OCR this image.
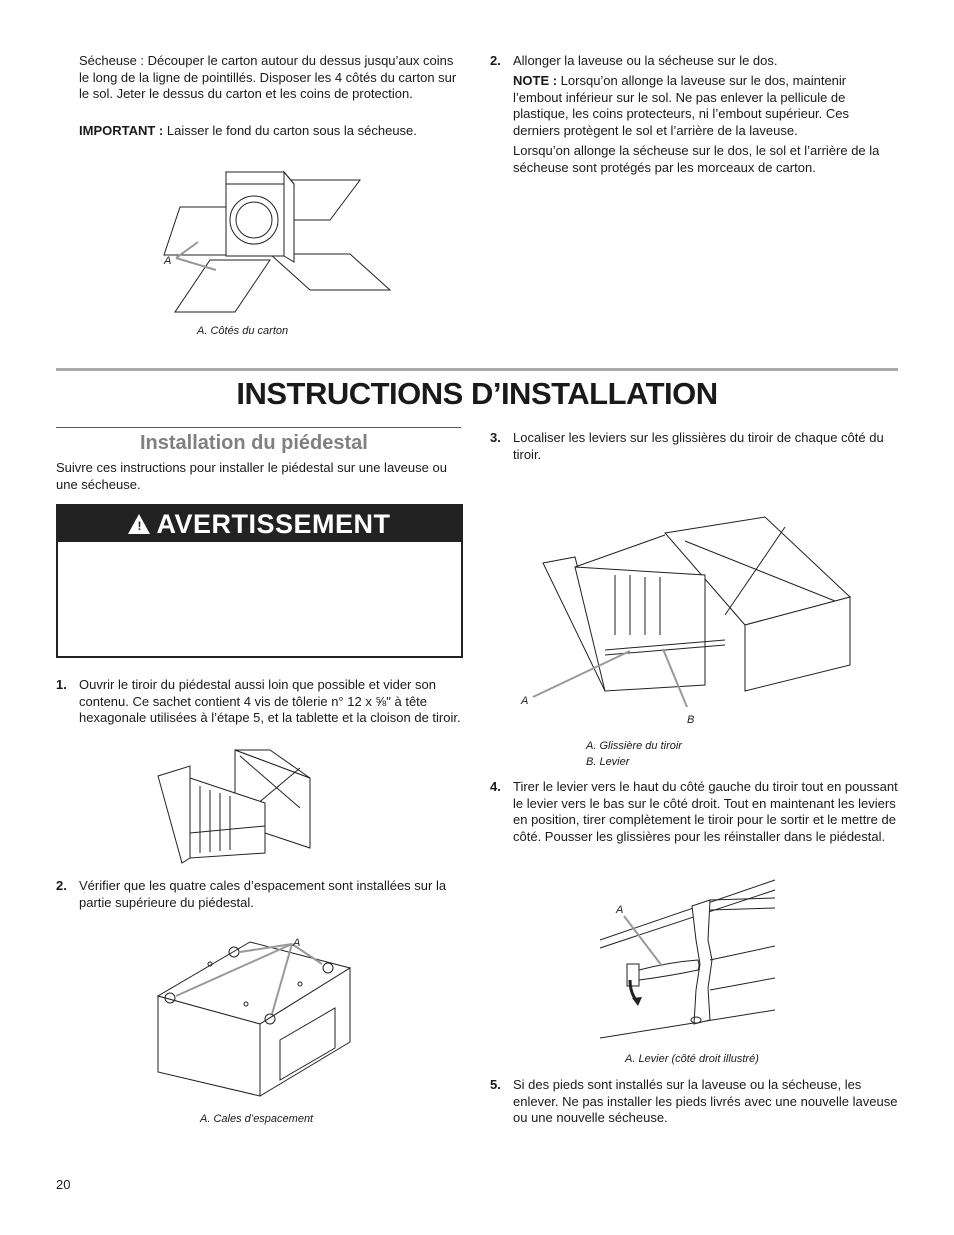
Sécheuse : Découper le carton autour du dessus jusqu’aux coins le long de la ligne de pointillés. Disposer les 4 côtés du carton sur le sol. Jeter le dessus du carton et les coins de protection.

IMPORTANT : Laisser le fond du carton sous la sécheuse.

A
A. Côtés du carton
2. Allonger la laveuse ou la sécheuse sur le dos.

NOTE : Lorsqu’on allonge la laveuse sur le dos, maintenir l’embout inférieur sur le sol. Ne pas enlever la pellicule de plastique, les coins protecteurs, ni l’embout supérieur. Ces derniers protègent le sol et l’arrière de la laveuse.

Lorsqu’on allonge la sécheuse sur le dos, le sol et l’arrière de la sécheuse sont protégés par les morceaux de carton.

INSTRUCTIONS D’INSTALLATION
Installation du piédestal

Suivre ces instructions pour installer le piédestal sur une laveuse ou une sécheuse.

! AVERTISSEMENT
1. Ouvrir le tiroir du piédestal aussi loin que possible et vider son contenu. Ce sachet contient 4 vis de tôlerie n° 12 x ⅝" à tête hexagonale utilisées à l’étape 5, et la tablette et la cloison de tiroir.

2. Vérifier que les quatre cales d’espacement sont installées sur la partie supérieure du piédestal.

A
A. Cales d’espacement
3. Localiser les leviers sur les glissières du tiroir de chaque côté du tiroir.

A
B
A. Glissière du tiroir
B. Levier
4. Tirer le levier vers le haut du côté gauche du tiroir tout en poussant le levier vers le bas sur le côté droit. Tout en maintenant les leviers en position, tirer complètement le tiroir pour le sortir et le mettre de côté. Pousser les glissières pour les réinstaller dans le piédestal.

A
A. Levier (côté droit illustré)
5. Si des pieds sont installés sur la laveuse ou la sécheuse, les enlever. Ne pas installer les pieds livrés avec une nouvelle laveuse ou une nouvelle sécheuse.

20
